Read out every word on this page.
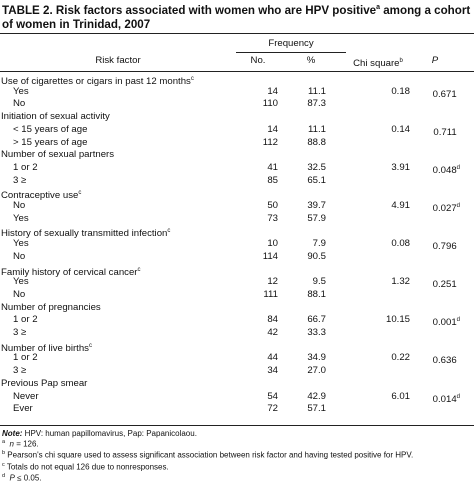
TABLE 2. Risk factors associated with women who are HPV positive$^a$ among a cohort of women in Trinidad, 2007
Frequency
Risk factor	No.	%	Chi square$^b$	P
Use of cigarettes or cigars in past 12 months$^c$
Yes	14	11.1	0.18	0.671
No	110	87.3
Initiation of sexual activity
< 15 years of age	14	11.1	0.14	0.711
> 15 years of age	112	88.8
Number of sexual partners
1 or 2	41	32.5	3.91	0.048$^d$
3 ≥	85	65.1
Contraceptive use$^c$
No	50	39.7	4.91	0.027$^d$
Yes	73	57.9
History of sexually transmitted infection$^c$
Yes	10	7.9	0.08	0.796
No	114	90.5
Family history of cervical cancer$^c$
Yes	12	9.5	1.32	0.251
No	111	88.1
Number of pregnancies
1 or 2	84	66.7	10.15	0.001$^d$
3 ≥	42	33.3
Number of live births$^c$
1 or 2	44	34.9	0.22	0.636
3 ≥	34	27.0
Previous Pap smear
Never	54	42.9	6.01	0.014$^d$
Ever	72	57.1
Note: HPV: human papillomavirus, Pap: Papanicolaou.
$^a$ n = 126.
$^b$ Pearson's chi square used to assess significant association between risk factor and having tested positive for HPV.
$^c$ Totals do not equal 126 due to nonresponses.
$^d$ P ≤ 0.05.
